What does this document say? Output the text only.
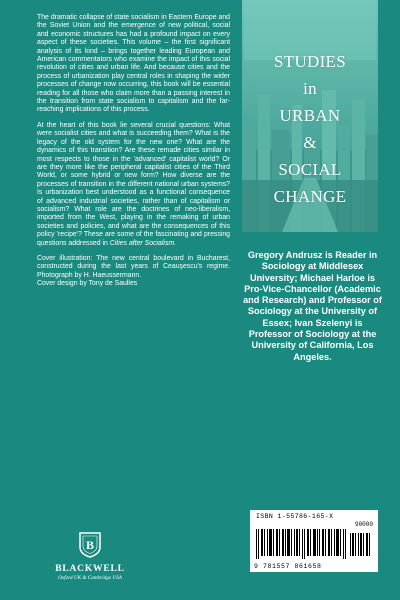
The dramatic collapse of state socialism in Eastern Europe and the Soviet Union and the emergence of new political, social and economic structures has had a profound impact on every aspect of these societies. This volume – the first significant analysis of its kind – brings together leading European and American commentators who examine the impact of this social revolution of cities and urban life. And because cities and the process of urbanization play central roles in shaping the wider processes of change now occurring, this book will be essential reading for all those who claim more than a passing interest in the transition from state socialism to capitalism and the far-reaching implications of this process.

At the heart of this book lie several crucial questions: What were socialist cities and what is succeeding them? What is the legacy of the old system for the new one? What are the dynamics of this transition? Are these remade cities similar in most respects to those in the 'advanced' capitalist world? Or are they more like the peripheral capitalist cities of the Third World, or some hybrid or new form? How diverse are the processes of transition in the different national urban systems? Is urbanization best understood as a functional consequence of advanced industrial societies, rather than of capitalism or socialism? What role are the doctrines of neo-liberalism, imported from the West, playing in the remaking of urban societies and policies, and what are the consequences of this policy 'recipe'? These are some of the fascinating and pressing questions addressed in Cities after Socialism.

Cover illustration: The new central boulevard in Bucharest, constructed during the last years of Ceauşescu's regime. Photograph by H. Haeussermann.

Cover design by Tony de Saulles

STUDIES
in
URBAN
&
SOCIAL
CHANGE
Gregory Andrusz is Reader in Sociology at Middlesex University; Michael Harloe is Pro-Vice-Chancellor (Academic and Research) and Professor of Sociology at the University of Essex; Ivan Szelenyi is Professor of Sociology at the University of California, Los Angeles.
ISBN 1-55786-165-X
90000
9 781557 861658
B
BLACKWELL
Oxford UK & Cambridge USA
